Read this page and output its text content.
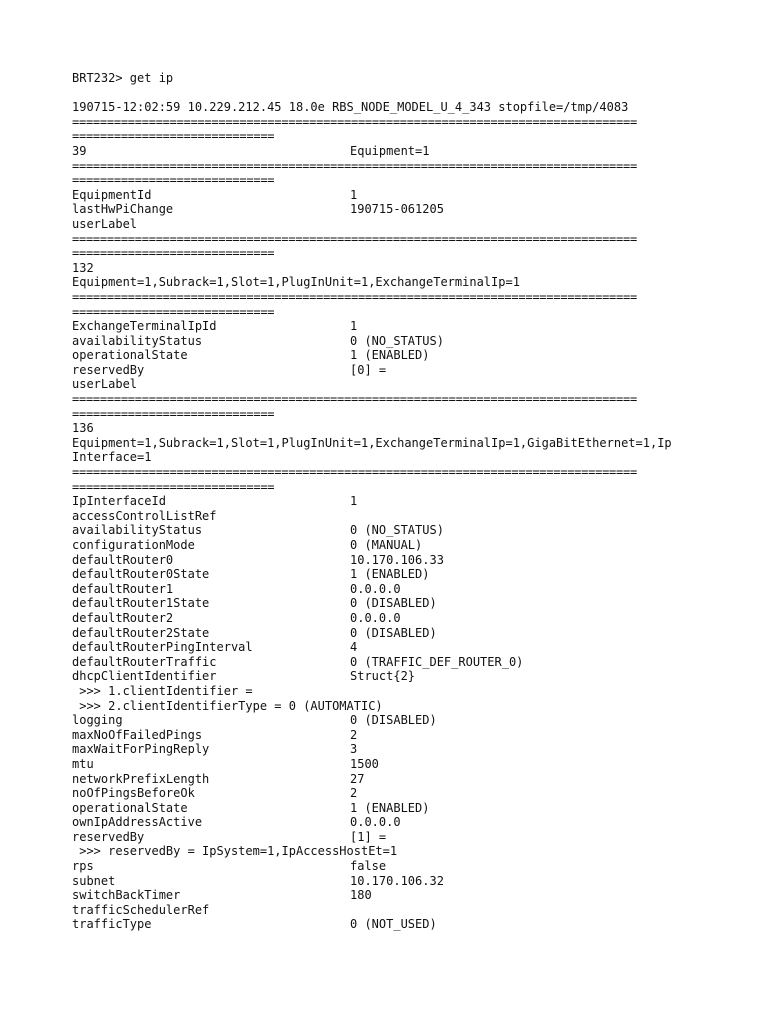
BRT232> get ip
190715-12:02:59 10.229.212.45 18.0e RBS_NODE_MODEL_U_4_343 stopfile=/tmp/4083
=================================================================================
=============================
39	Equipment=1
=================================================================================
=============================
EquipmentId	1
lastHwPiChange	190715-061205
userLabel
=================================================================================
=============================
132
Equipment=1,Subrack=1,Slot=1,PlugInUnit=1,ExchangeTerminalIp=1
=================================================================================
=============================
ExchangeTerminalIpId	1
availabilityStatus	0 (NO_STATUS)
operationalState	1 (ENABLED)
reservedBy	[0] =
userLabel
=================================================================================
=============================
136
Equipment=1,Subrack=1,Slot=1,PlugInUnit=1,ExchangeTerminalIp=1,GigaBitEthernet=1,Ip
Interface=1
=================================================================================
=============================
IpInterfaceId	1
accessControlListRef
availabilityStatus	0 (NO_STATUS)
configurationMode	0 (MANUAL)
defaultRouter0	10.170.106.33
defaultRouter0State	1 (ENABLED)
defaultRouter1	0.0.0.0
defaultRouter1State	0 (DISABLED)
defaultRouter2	0.0.0.0
defaultRouter2State	0 (DISABLED)
defaultRouterPingInterval	4
defaultRouterTraffic	0 (TRAFFIC_DEF_ROUTER_0)
dhcpClientIdentifier	Struct{2}
>>> 1.clientIdentifier =
>>> 2.clientIdentifierType = 0 (AUTOMATIC)
logging	0 (DISABLED)
maxNoOfFailedPings	2
maxWaitForPingReply	3
mtu	1500
networkPrefixLength	27
noOfPingsBeforeOk	2
operationalState	1 (ENABLED)
ownIpAddressActive	0.0.0.0
reservedBy	[1] =
>>> reservedBy = IpSystem=1,IpAccessHostEt=1
rps	false
subnet	10.170.106.32
switchBackTimer	180
trafficSchedulerRef
trafficType	0 (NOT_USED)
